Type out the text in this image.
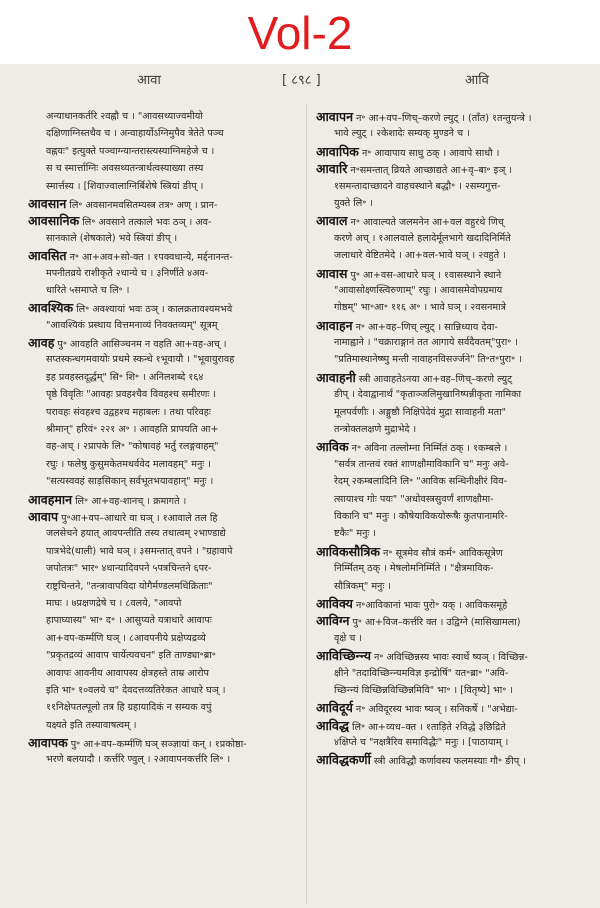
Vol-2
आवा	[ ८९८ ]	आवि
अन्याधानकर्तरि २वह्नौ च । "आवसथ्याज्वमीयो
दक्षिणाग्निस्तथैव च । अन्वाहार्योऽग्निमुपैव त्रेतेते पञ्च
वह्नयः" इत्युक्ते पञ्चाग्न्यान्तरास्त्यस्याग्निमहेजे च ।
स च स्मार्त्ताग्निः अवसथ्यतन्त्रार्थत्वस्याख्या तस्य
स्मार्त्तस्य । [शिवाज्वालाग्निर्बिशेषे स्त्रियां ङीप् ।
आवसान लि॰ अवसानमवसितम्यस्त्र तत्र॰ अण् । प्रान-
आवसानिक लि॰ अवसाने तत्काले भवः ठञ् । अव-
सानकाले (शेषकाले) भवे स्त्रियां ङीप् ।
आवसित न॰ आ+अव+सो-क्त । १पक्वधान्ये, मर्द्दनानन्त-
मपनीतव्रये राशीकृते २धान्ये च । ३निर्णीते ४अव-
धारिते ५समाप्ते च लि॰ ।
आवश्यिक लि॰ अवश्यायां भवः ठञ् । कालक्रतावश्यमभवे
"आवश्यिकं प्रस्थाय वित्तमनाव्यं निवक्तव्यम्" सूत्रम्
आवह पु॰ आवहति आसिञ्चनम न वहति आ+वह-अच् ।
सप्तस्कन्धगमवायोः प्रथमे स्कन्धे १भूवायौ । "भूवायुरावह
इह प्रवहस्तदूर्द्धम्" सि॰ शि॰ । अनिलशब्दे १६४
पृष्ठे विवृतिः "आवहः प्रवहश्चैव विवहश्च समीरणः ।
परावहः संवहश्च उद्वहश्च महाबलः । तथा परिवहः
श्रीमान्" हरिवं॰ २२१ अ॰ । आवहति प्रापयति आ+
वह-अच् । २प्रापके लि॰ "कोषावहं भर्तु रलङ्गवाहम्"
रघुः । फलेषु कुसुमकेतमथर्ववेद मलावहम्" मनुः ।
"सत्यस्ववहं साड़सिकान् सर्वभूतभयावहान्" मनुः ।
आवहमान लि॰ आ+वह-शानच् । क्रमागते ।
आवाप पु॰आ+वप–आधारे वा घञ् । १आवाले तल हि
जलसेचने हयात् आवपन्तीति तस्य तथात्वम् २भाण्डाद्ये
पात्रभेदे(थाली) भावे घञ् । ३समन्तात् वपने । "ग्रहावापे
जपोतत्रः" भार॰ ४धान्यादिवपने ५पत्रचिन्तने ६पर-
राष्ट्रचिन्तने, "तन्त्रावापविदा योगैर्मण्डलमधिक्रिताः"
माघः । ७प्रक्षणद्रेषे च । ८वलये, "आवपो
हापाघ्यास्य" भा॰ द॰ । आसुप्यते यत्राधारे आवापः
आ+वप-कर्म्मणि घञ् । ८आवपनीये प्रक्षेप्यद्रव्ये
"प्रकृतद्रव्यं आवाप चार्येत्यवचन" इति ताण्ड्या॰ब्रा॰
आवापः आवनीय आवापस्य क्षेत्रहस्ते ताम्र आरोप
इति भा॰ १०वलये च" देवदत्तव्यतिरेकत आधारे घञ् ।
११निक्षेपतल्पूलो तत्र हि ग्रहायादिकं न सम्यक वपुं
यक्ष्यते इति तस्यावाषत्वम् ।
आवापक पु॰ आ+वप–कर्म्मणि घञ् सञ्ज्ञायां कन् । १प्रकोष्ठा-
भरणे बलयादौ । कर्त्तरि ण्वुल् । २आवापनकर्त्तरि लि॰ ।
आवापन न॰ आ+वप–णिच्–करणे ल्युट् । (ताँत) १तन्तुयन्त्रे ।
भावे ल्युट् । २केशादेः सम्यक् मुण्डने च ।
आवापिक न॰ आवापाय साधु ठक् । आवापे साधौ ।
आवारि न॰समन्तात् व्रियते आच्छाद्यते आ+वृ–बा॰ इञ् ।
१समन्तादाच्छादने वाहचस्थाने बद्धौ॰ । २सम्यगुत्त-
युक्ते लि॰ ।
आवाल न॰ आवाल्यते जलमनेन आ+वल वहुरथे णिच्
करणे अच् । १आलवाले हलादेर्मूलभागे खदादिनिर्मिते
जलाधारे वेष्टितमेदे । आ+वल-भावे घञ् । २वहुते ।
आवास पु॰ आ+वस-आधारे घञ् । १वासस्थाने स्थाने
"आवासोक्ष्णस्त्विरुणाम्" रघुः । आवासमेवोपग्रमाय
गोष्ठम्" भा॰आ॰ ११६ अ॰ । भावे घञ् । २वसनमात्रे
आवाहन न॰ आ+वह–णिच् ल्युट् । सान्निध्याय देवा-
नामाह्वाने । "चक्राराङ्गानं तत आगाये सर्वदैवतम्"पुरा॰ ।
"प्रतिमास्थानेष्ष्पु मन्ती नावाहनविसर्ज्जने" ति॰त॰पुरा॰ ।
आवाहनी स्त्री आवाहतेऽनया आ+वह–णिच्–करणे ल्युट्
ङीप् । देवाद्वानार्थं "कृताञ्जलिमुखानिष्पन्नीकृता नामिका
मूलपर्वणीः । अङ्गुष्ठौ निक्षिपेदेवं मुद्रा सावाहनी मता"
तन्त्रोक्तलक्षणे मुद्राभेदे ।
आविक न॰ अविना तल्लोम्ना निर्म्मितं ठक् । १कम्बले ।
"सर्वत्र तान्तवं रक्तं शाणक्षौमाविकानि च" मनुः अवे-
रेदम् २कम्बलादिनि लि॰ "आविक सन्धिनीक्षीरं विव-
त्सायाश्च गोः पयः" "अधोवस्त्रसुवर्णं शाणक्षौमा-
विकानि च" मनुः । कौषेयाविकयोरूषैः कुतपानामरि-
ष्टकैः" मनुः ।
आविकसौत्रिक न॰ सूत्रमेव सौत्रं कर्म॰ आविकसूत्रेण
निर्म्मितम् ठक् । मेषलोमनिर्म्मिते । "क्षैत्रमाविक-
सौत्रिकम्" मनुः ।
आविक्य न॰आविकानां भावः पुरो॰ यक् । आविकसमूहे
आविग्न पु॰ आ+विज–कर्त्तरि क्त । उद्विग्ने (मासिखामला)
वृक्षे च ।
आविच्छिन्न्य न॰ अविच्छिन्नस्य भावः स्वार्थे ष्यञ् । विच्छिन्न-
क्षीने "तदाविच्छिन्न्यमविज्ञ इन्द्रोर्षि" यत॰ब्रा॰ "अवि-
च्छिन्न्यं विच्छिन्नविच्छिन्नमिवि" भा॰ । [वितृष्ये] भा॰ ।
आविदूर्य न॰ अविदूरस्य भावः ष्यञ् । सनिकर्षे । "अभेद्या-
आविद्ध लि॰ आ+व्यध–क्त । १ताड़िते २विद्धे ३छिद्रिते
४क्षिप्ते च "नक्षत्रैरिव समाविद्धैः" मनुः । [पाठायाम् ।
आविद्धकर्णी स्त्री आविद्धौ कर्णावस्य फलमस्याः गौ॰ ङीप् ।
